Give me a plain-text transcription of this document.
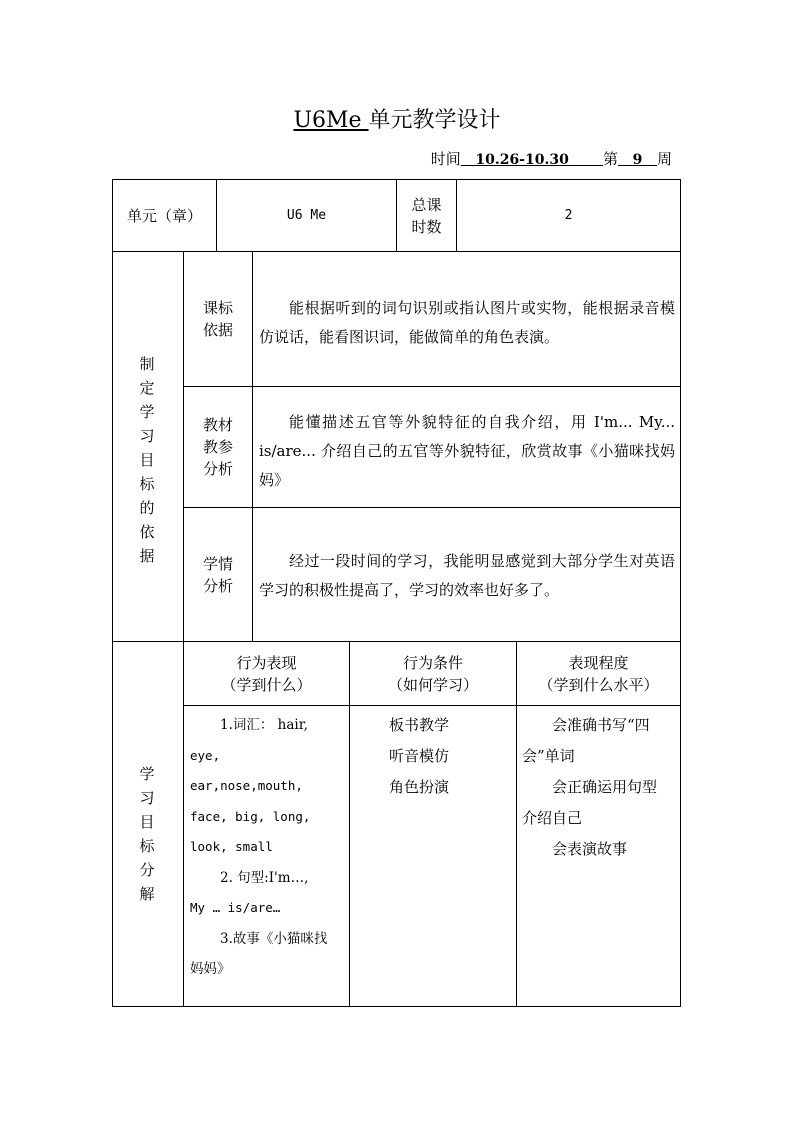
U6Me 单元教学设计
时间 10.26-10.30 第 9 周
单元（章）	U6 Me
总课
时数
2
制
定
学
习
目
标
的
依
据
课标
依据
能根据听到的词句识别或指认图片或实物，能根据录音模仿说话，能看图识词，能做简单的角色表演。
教材
教参
分析
能懂描述五官等外貌特征的自我介绍，用 I'm... My... is/are... 介绍自己的五官等外貌特征，欣赏故事《小猫咪找妈妈》
学情
分析
经过一段时间的学习，我能明显感觉到大部分学生对英语学习的积极性提高了，学习的效率也好多了。
学
习
目
标
分
解
行为表现
（学到什么）
行为条件
（如何学习）
表现程度
（学到什么水平）
1.词汇： hair,
eye,
ear,nose,mouth,
face, big, long,
look, small
2. 句型:I'm…,
My … is/are…
3.故事《小猫咪找
妈妈》
板书教学
听音模仿
角色扮演
会准确书写“四
会”单词
会正确运用句型
介绍自己
会表演故事
